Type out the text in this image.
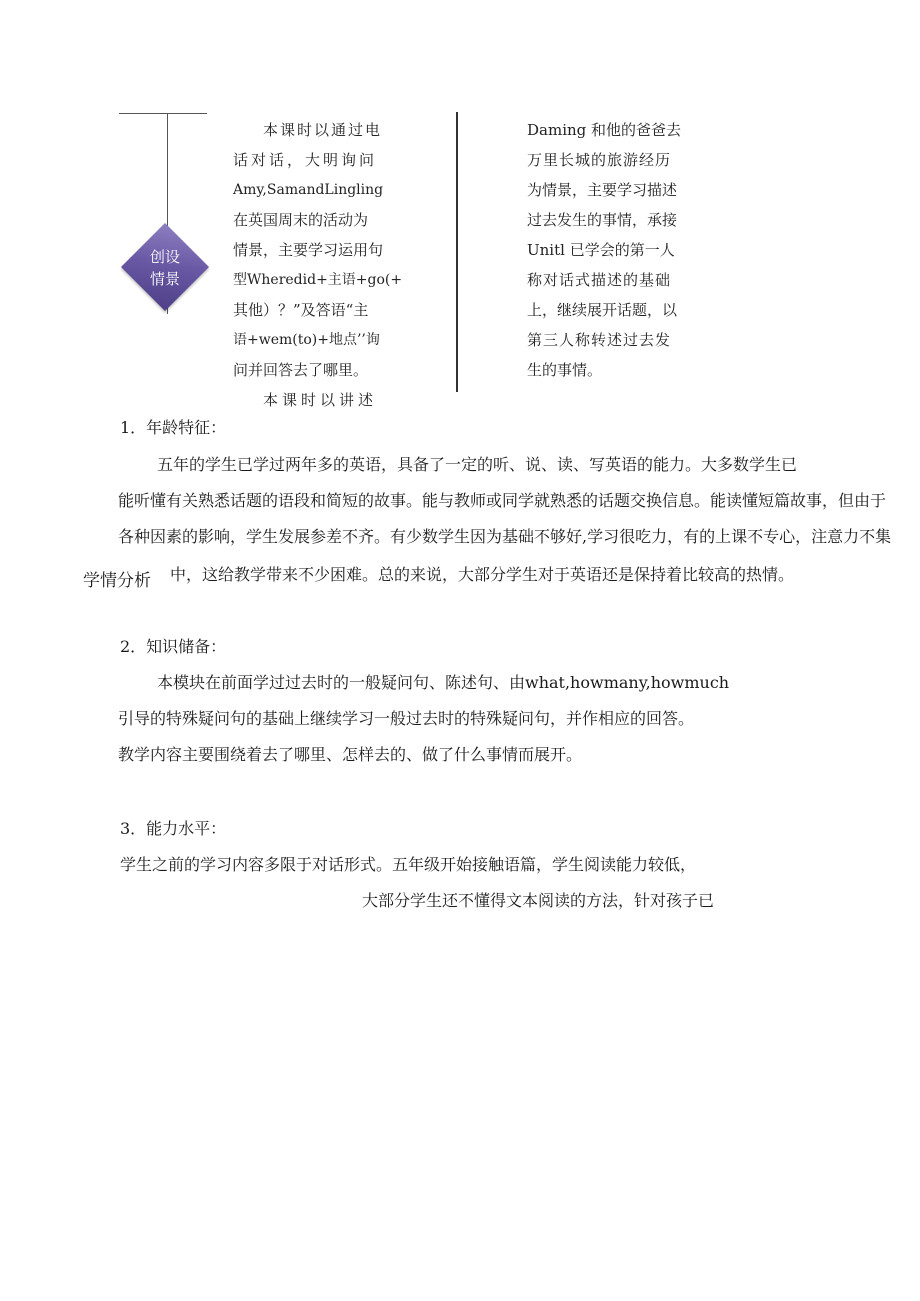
创设
情景
本课时以通过电
话对话，大明询问
Amy,SamandLingling
在英国周末的活动为
情景，主要学习运用句
型Wheredid+主语+go(+
其他）？”及答语“主
语+wem(to)+地点’’询
问并回答去了哪里。
本课时以讲述
Daming 和他的爸爸去
万里长城的旅游经历
为情景，主要学习描述
过去发生的事情，承接
Unitl 已学会的第一人
称对话式描述的基础
上，继续展开话题，以
第三人称转述过去发
生的事情。
1．年龄特征：
五年的学生已学过两年多的英语，具备了一定的听、说、读、写英语的能力。大多数学生已
能听懂有关熟悉话题的语段和简短的故事。能与教师或同学就熟悉的话题交换信息。能读懂短篇故事，但由于
各种因素的影响，学生发展参差不齐。有少数学生因为基础不够好,学习很吃力，有的上课不专心，注意力不集
学情分析 中，这给教学带来不少困难。总的来说，大部分学生对于英语还是保持着比较高的热情。
2．知识储备：
本模块在前面学过过去时的一般疑问句、陈述句、由what,howmany,howmuch
引导的特殊疑问句的基础上继续学习一般过去时的特殊疑问句，并作相应的回答。
教学内容主要围绕着去了哪里、怎样去的、做了什么事情而展开。
3．能力水平：
学生之前的学习内容多限于对话形式。五年级开始接触语篇，学生阅读能力较低，
大部分学生还不懂得文本阅读的方法，针对孩子已
